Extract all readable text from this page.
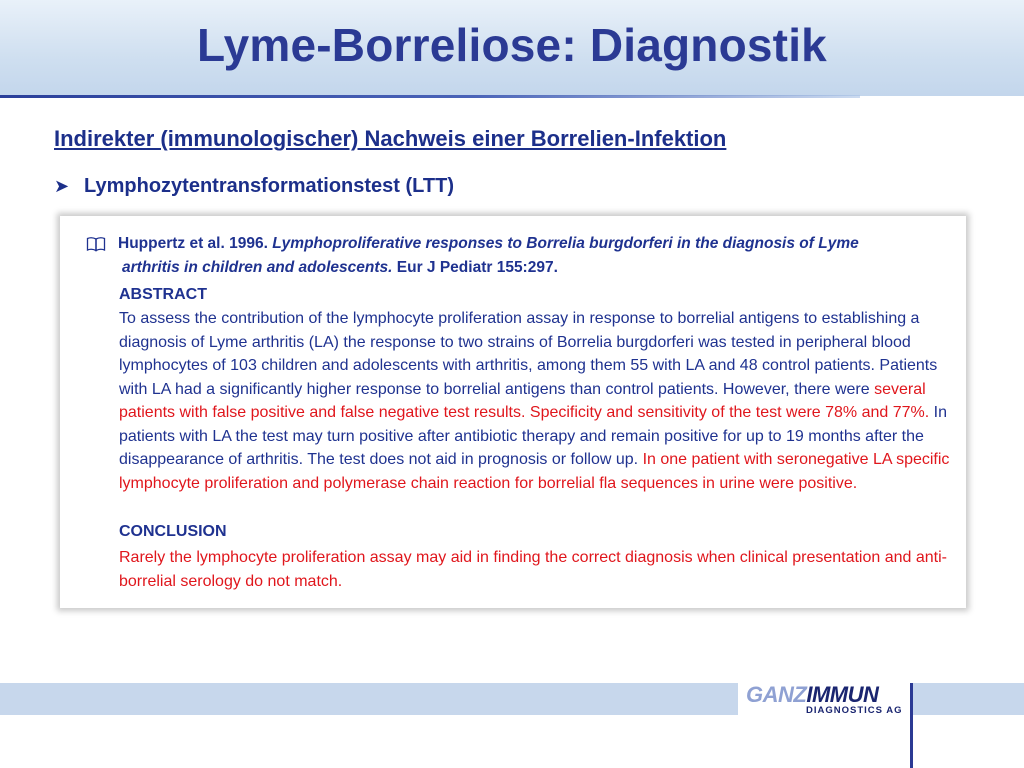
Lyme-Borreliose: Diagnostik
Indirekter (immunologischer) Nachweis einer Borrelien-Infektion
➤ Lymphozytentransformationstest (LTT)
Huppertz et al. 1996. Lymphoproliferative responses to Borrelia burgdorferi in the diagnosis of Lyme
arthritis in children and adolescents. Eur J Pediatr 155:297.
ABSTRACT
To assess the contribution of the lymphocyte proliferation assay in response to borrelial antigens to establishing a diagnosis of Lyme arthritis (LA) the response to two strains of Borrelia burgdorferi was tested in peripheral blood lymphocytes of 103 children and adolescents with arthritis, among them 55 with LA and 48 control patients. Patients with LA had a significantly higher response to borrelial antigens than control patients. However, there were several patients with false positive and false negative test results. Specificity and sensitivity of the test were 78% and 77%. In patients with LA the test may turn positive after antibiotic therapy and remain positive for up to 19 months after the disappearance of arthritis. The test does not aid in prognosis or follow up. In one patient with seronegative LA specific lymphocyte proliferation and polymerase chain reaction for borrelial fla sequences in urine were positive.
CONCLUSION
Rarely the lymphocyte proliferation assay may aid in finding the correct diagnosis when clinical presentation and anti-borrelial serology do not match.
GANZIMMUN
DIAGNOSTICS AG
